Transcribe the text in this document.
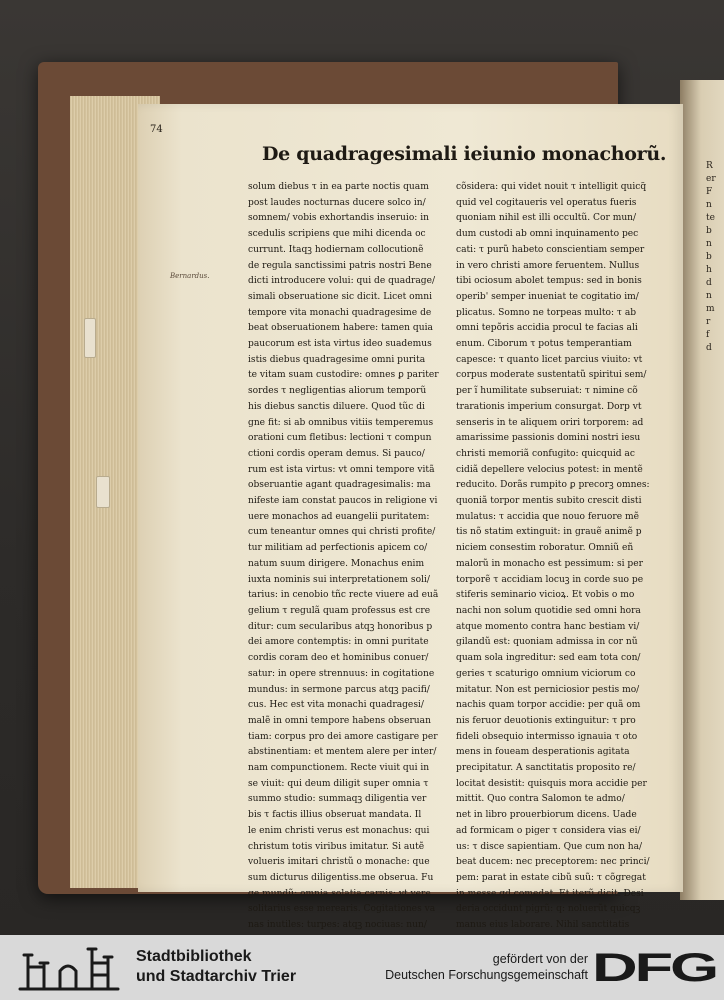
R
er
F
n
te
b
n
b
h
d
n
m
r
f
d
74
De quadragesimali ieiunio monachorũ.
Bernardus.
solum diebus τ in ea parte noctis quam
post laudes nocturnas ducere solco in/
somnem/ vobis exhortandis inseruio: in
scedulis scripiens que mihi dicenda oc
currunt. Itaqꝫ hodiernam collocutionẽ
de regula sanctissimi patris nostri Bene
dicti introducere volui: qui de quadrage/
simali obseruatione sic dicit. Licet omni
tempore vita monachi quadragesime de
beat obseruationem habere: tamen quia
paucorum est ista virtus ideo suademus
istis diebus quadragesime omni purita
te vitam suam custodire: omnes ꝑ pariter
sordes τ negligentias aliorum temporũ
his diebus sanctis diluere. Quod tũc di
gne fit: si ab omnibus vitiis temperemus
orationi cum fletibus: lectioni τ compun
ctioni cordis operam demus. Si pauco/
rum est ista virtus: vt omni tempore vitã
obseruantie agant quadragesimalis: ma
nifeste iam constat paucos in religione vi
uere monachos ad euangelii puritatem:
cum teneantur omnes qui christi profite/
tur militiam ad perfectionis apicem co/
natum suum dirigere. Monachus enim
iuxta nominis sui interpretationem soli/
tarius: in cenobio tñc recte viuere ad euã
gelium τ regulã quam professus est cre
ditur: cum secularibus atqꝫ honoribus p
dei amore contemptis: in omni puritate
cordis coram deo et hominibus conuer/
satur: in opere strennuus: in cogitatione
mundus: in sermone parcus atqꝫ pacifi/
cus. Hec est vita monachi quadragesi/
malẽ in omni tempore habens obseruan
tiam: corpus pro dei amore castigare per
abstinentiam: et mentem alere per inter/
nam compunctionem. Recte viuit qui in
se viuit: qui deum diligit super omnia τ
summo studio: summaqꝫ diligentia ver
bis τ factis illius obseruat mandata. Il
le enim christi verus est monachus: qui
christum totis viribus imitatur. Si autẽ
volueris imitari christũ o monache: que
sum dicturus diligentiss.me obserua. Fu
ge mundũ: omnia solatia carnis: vt vere
solitarius esse merearis. Cogitationes va
nas inutiles: turpes: atqꝫ nociuas: nun/
cõsidera: qui videt nouit τ intelligit quicq̃
quid vel cogitaueris vel operatus fueris
quoniam nihil est illi occultũ. Cor mun/
dum custodi ab omni inquinamento pec
cati: τ purũ habeto conscientiam semper
in vero christi amore feruentem. Nullus
tibi ociosum abolet tempus: sed in bonis
operib' semper inueniat te cogitatio im/
plicatus. Somno ne torpeas multo: τ ab
omni tepõris accidia procul te facias ali
enum. Ciborum τ potus temperantiam
capesce: τ quanto licet parcius viuito: vt
corpus moderate sustentatũ spiritui sem/
per ĩ humilitate subseruiat: τ nimine cõ
trarationis imperium consurgat. Dorp vt
senseris in te aliquem oriri torporem: ad
amarissime passionis domini nostri iesu
christi memoriã confugito: quicquid ac
cidiã depellere velocius potest: in mentẽ
reducito. Dorãs rumpito ꝑ precorꝫ omnes:
quoniã torpor mentis subito crescit disti
mulatus: τ accidia que nouo feruore mẽ
tis nõ statim extinguit: in grauẽ animẽ p
niciem consestim roboratur. Omniũ eñ
malorũ in monacho est pessimum: si per
torporẽ τ accidiam locuꝫ in corde suo pe
stiferis seminario vicioꝝ. Et vobis o mo
nachi non solum quotidie sed omni hora
atque momento contra hanc bestiam vi/
gilandũ est: quoniam admissa in cor nũ
quam sola ingreditur: sed eam tota con/
geries τ scaturigo omnium viciorum co
mitatur. Non est perniciosior pestis mo/
nachis quam torpor accidie: per quã om
nis feruor deuotionis extinguitur: τ pro
fideli obsequio intermisso ignauia τ oto
mens in foueam desperationis agitata
precipitatur. A sanctitatis proposito re/
locitat desistit: quisquis mora accidie per
mittit. Quo contra Salomon te admo/
net in libro prouerbiorum dicens. Uade
ad formicam o piger τ considera vias ei/
us: τ disce sapientiam. Que cum non ha/
beat ducem: nec preceptorem: nec princi/
pem: parat in estate cibũ suũ: τ cõgregat
in messe qd comedat. Et iterũ dicit. Desi
deria occidunt pigrũ: q: noluerũt quicqꝫ
manus eius laborare. Nihil sanctitatis
Stadtbibliothek
und Stadtarchiv Trier
gefördert von der
Deutschen Forschungsgemeinschaft DFG
